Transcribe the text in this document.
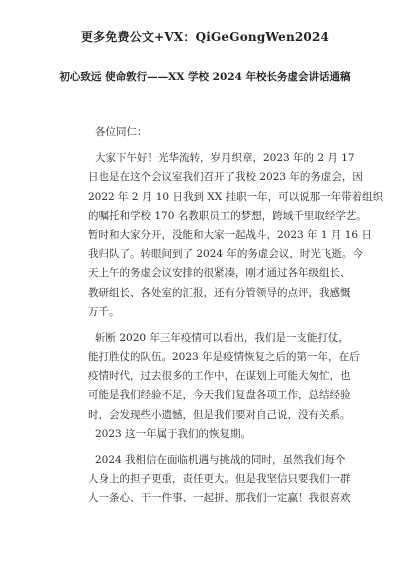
更多免费公文+VX：QiGeGongWen2024
初心致远 使命敦行——XX 学校 2024 年校长务虚会讲话通稿
各位同仁：
大家下午好！光华流转，岁月织章，2023 年的 2 月 17
日也是在这个会议室我们召开了我校 2023 年的务虚会，因
2022 年 2 月 10 日我到 XX 挂职一年，可以说那一年带着组织
的嘱托和学校 170 名教职员工的梦想，跨域千里取经学艺。
暂时和大家分开，没能和大家一起战斗，2023 年 1 月 16 日
我归队了。转眼间到了 2024 年的务虚会议，时光飞逝。今
天上午的务虚会议安排的很紧凑，刚才通过各年级组长、
教研组长、各处室的汇报，还有分管领导的点评，我感慨
万千。
斩断 2020 年三年疫情可以看出，我们是一支能打仗，
能打胜仗的队伍。2023 年是疫情恢复之后的第一年，在后
疫情时代，过去很多的工作中，在谋划上可能大匆忙，也
可能是我们经验不足，今天我们复盘各项工作，总结经验
时，会发现些小遗憾，但是我们要对自己说，没有关系。
2023 这一年属于我们的恢复期。
2024 我相信在面临机遇与挑战的同时，虽然我们每个
人身上的担子更重，责任更大。但是我坚信只要我们一群
人一条心、干一件事、一起拼、那我们一定赢！我很喜欢
